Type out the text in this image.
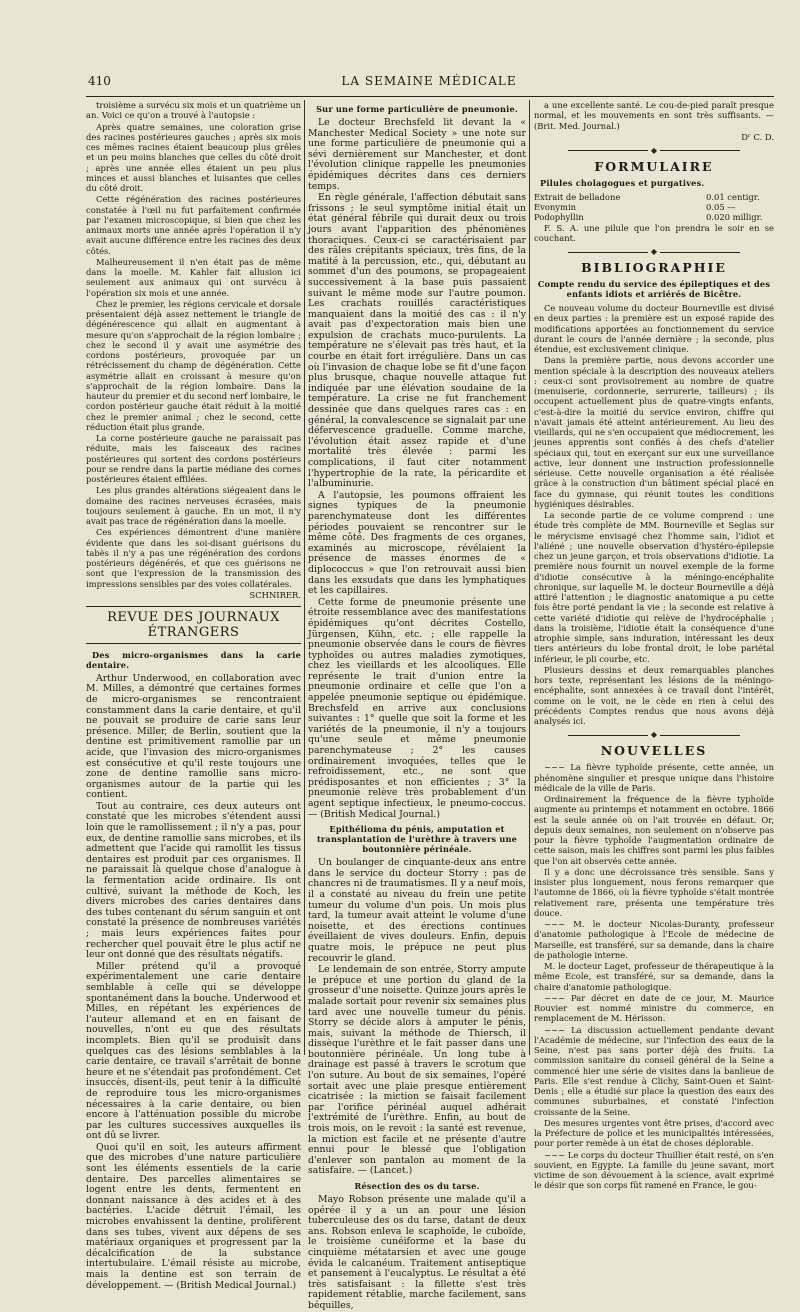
410	LA SEMAINE MÉDICALE

troisième a survécu six mois et un quatrième un an. Voici ce qu'on a trouvé à l'autopsie :

Après quatre semaines, une coloration grise des racines postérieures gauches ; après six mois ces mêmes racines étaient beaucoup plus grêles et un peu moins blanches que celles du côté droit ; après une année elles étaient un peu plus minces et aussi blanches et luisantes que celles du côté droit.

Cette régénération des racines postérieures constatée à l'œil nu fut parfaitement confirmée par l'examen microscopique, si bien que chez les animaux morts une année après l'opération il n'y avait aucune différence entre les racines des deux côtés.

Malheureusement il n'en était pas de même dans la moelle. M. Kahler fait allusion ici seulement aux animaux qui ont survécu à l'opération six mois et une année.

Chez le premier, les régions cervicale et dorsale présentaient déjà assez nettement le triangle de dégénérescence qui allait en augmentant à mesure qu'on s'approchait de la région lombaire ; chez le second il y avait une asymétrie des cordons postérieurs, provoquée par un rétrécissement du champ de dégénération. Cette asymétrie allait en croissant à mesure qu'on s'approchait de la région lombaire. Dans la hauteur du premier et du second nerf lombaire, le cordon postérieur gauche était réduit à la moitié chez le premier animal ; chez le second, cette réduction était plus grande.

La corne postérieure gauche ne paraissait pas réduite, mais les faisceaux des racines postérieures qui sortent des cordons postérieurs pour se rendre dans la partie médiane des cornes postérieures étaient effilées.

Les plus grandes altérations siégeaient dans le domaine des racines nerveuses écrasées, mais toujours seulement à gauche. En un mot, il n'y avait pas trace de régénération dans la moelle.

Ces expériences démontrent d'une manière évidente que dans les soi-disant guérisons du tabès il n'y a pas une régénération des cordons postérieurs dégénérés, et que ces guérisons ne sont que l'expression de la transmission des impressions sensibles par des voies collatérales.

SCHNIRER.
REVUE DES JOURNAUX ÉTRANGERS
Des micro-organismes dans la carie dentaire.

Arthur Underwood, en collaboration avec M. Milles, a démontré que certaines formes de micro-organismes se rencontraient constamment dans la carie dentaire, et qu'il ne pouvait se produire de carie sans leur présence. Miller, de Berlin, soutient que la dentine est primitivement ramollie par un acide, que l'invasion des micro-organismes est consécutive et qu'il reste toujours une zone de dentine ramollie sans micro-organismes autour de la partie qui les contient.

Tout au contraire, ces deux auteurs ont constaté que les microbes s'étendent aussi loin que le ramollissement ; il n'y a pas, pour eux, de dentine ramollie sans microbes, et ils admettent que l'acide qui ramollit les tissus dentaires est produit par ces organismes. Il ne paraissait là quelque chose d'analogue à la fermentation acide ordinaire. Ils ont cultivé, suivant la méthode de Koch, les divers microbes des caries dentaires dans des tubes contenant du sérum sanguin et ont constaté la présence de nombreuses variétés ; mais leurs expériences faites pour rechercher quel pouvait être le plus actif ne leur ont donné que des résultats négatifs.

Miller prétend qu'il a provoqué expérimentalement une carie dentaire semblable à celle qui se développe spontanément dans la bouche. Underwood et Milles, en répétant les expériences de l'auteur allemand et en en faisant de nouvelles, n'ont eu que des résultats incomplets. Bien qu'il se produisît dans quelques cas des lésions semblables à la carie dentaire, ce travail s'arrêtait de bonne heure et ne s'étendait pas profondément. Cet insuccès, disent-ils, peut tenir à la difficulté de reproduire tous les micro-organismes nécessaires à la carie dentaire, ou bien encore à l'atténuation possible du microbe par les cultures successives auxquelles ils ont dû se livrer.

Quoi qu'il en soit, les auteurs affirment que des microbes d'une nature particulière sont les éléments essentiels de la carie dentaire. Des parcelles alimentaires se logent entre les dents, fermentent en donnant naissance à des acides et à des bactéries. L'acide détruit l'émail, les microbes envahissent la dentine, prolifèrent dans ses tubes, vivent aux dépens de ses matériaux organiques et progressent par la décalcification de la substance intertubulaire. L'émail résiste au microbe, mais la dentine est son terrain de développement. — (British Medical Journal.)

Sur une forme particulière de pneumonie.

Le docteur Brechsfeld lit devant la « Manchester Medical Society » une note sur une forme particulière de pneumonie qui a sévi dernièrement sur Manchester, et dont l'évolution clinique rappelle les pneumonies épidémiques décrites dans ces derniers temps.

En règle générale, l'affection débutait sans frissons ; le seul symptôme initial était un état général fébrile qui durait deux ou trois jours avant l'apparition des phénomènes thoraciques. Ceux-ci se caractérisaient par des râles crépitants spéciaux, très fins, de la matité à la percussion, etc., qui, débutant au sommet d'un des poumons, se propageaient successivement à la base puis passaient suivant le même mode sur l'autre poumon. Les crachats rouillés caractéristiques manquaient dans la moitié des cas : il n'y avait pas d'expectoration mais bien une expulsion de crachats muco-purulents. La température ne s'élevait pas très haut, et la courbe en était fort irrégulière. Dans un cas où l'invasion de chaque lobe se fit d'une façon plus brusque, chaque nouvelle attaque fut indiquée par une élévation soudaine de la température. La crise ne fut franchement dessinée que dans quelques rares cas : en général, la convalescence se signalait par une défervescence graduelle. Comme marche, l'évolution était assez rapide et d'une mortalité très élevée : parmi les complications, il faut citer notamment l'hypertrophie de la rate, la péricardite et l'albuminurie.

A l'autopsie, les poumons offraient les signes typiques de la pneumonie parenchymateuse dont les différentes périodes pouvaient se rencontrer sur le même côté. Des fragments de ces organes, examinés au microscope, révélaient la présence de masses énormes de « diplococcus » que l'on retrouvait aussi bien dans les exsudats que dans les lymphatiques et les capillaires.

Cette forme de pneumonie présente une étroite ressemblance avec des manifestations épidémiques qu'ont décrites Costello, Jürgensen, Kühn, etc. ; elle rappelle la pneumonie observée dans le cours de fièvres typhoïdes ou autres maladies zymotiques, chez les vieillards et les alcooliques. Elle représente le trait d'union entre la pneumonie ordinaire et celle que l'on a appelée pneumonie septique ou épidémique. Brechsfeld en arrive aux conclusions suivantes : 1° quelle que soit la forme et les variétés de la pneumonie, il n'y a toujours qu'une seule et même pneumonie parenchymateuse ; 2° les causes ordinairement invoquées, telles que le refroidissement, etc., ne sont que prédisposantes et non efficientes ; 3° la pneumonie relève très probablement d'un agent septique infectieux, le pneumo-coccus. — (British Medical Journal.)

Epithélioma du pénis, amputation et transplantation de l'urèthre à travers une boutonnière périnéale.

Un boulanger de cinquante-deux ans entre dans le service du docteur Storry : pas de chancres ni de traumatismes. Il y a neuf mois, il a constaté au niveau du frein une petite tumeur du volume d'un pois. Un mois plus tard, la tumeur avait atteint le volume d'une noisette, et des érections continues éveillaient de vives douleurs. Enfin, depuis quatre mois, le prépuce ne peut plus recouvrir le gland.

Le lendemain de son entrée, Storry ampute le prépuce et une portion du gland de la grosseur d'une noisette. Quinze jours après le malade sortait pour revenir six semaines plus tard avec une nouvelle tumeur du pénis. Storry se décide alors à amputer le pénis, mais, suivant la méthode de Thiersch, il dissèque l'urèthre et le fait passer dans une boutonnière périnéale. Un long tube à drainage est passé à travers le scrotum que l'on suture. Au bout de six semaines, l'opéré sortait avec une plaie presque entièrement cicatrisée : la miction se faisait facilement par l'orifice périnéal auquel adhérait l'extrémité de l'urèthre. Enfin, au bout de trois mois, on le revoit : la santé est revenue, la miction est facile et ne présente d'autre ennui pour le blessé que l'obligation d'enlever son pantalon au moment de la satisfaire. — (Lancet.)

Résection des os du tarse.

Mayo Robson présente une malade qu'il a opérée il y a un an pour une lésion tuberculeuse des os du tarse, datant de deux ans. Robson enleva le scaphoïde, le cuboïde, le troisième cunéiforme et la base du cinquième métatarsien et avec une gouge évida le calcanéum. Traitement antiseptique et pansement à l'eucalyptus. Le résultat a été très satisfaisant : la fillette s'est très rapidement rétablie, marche facilement, sans béquilles,

a une excellente santé. Le cou-de-pied paraît presque normal, et les mouvements en sont très suffisants. — (Brit. Med. Journal.)

Dʳ C. D.
◆
FORMULAIRE
Pilules cholagogues et purgatives.
Extrait de belladone	0.01 centigr.
Evonymin	0.05 —
Podophyllin	0.020 milligr.

F. S. A. une pilule que l'on prendra le soir en se couchant.

◆
BIBLIOGRAPHIE
Compte rendu du service des épileptiques et des enfants idiots et arriérés de Bicêtre.

Ce nouveau volume du docteur Bourneville est divisé en deux parties : la première est un exposé rapide des modifications apportées au fonctionnement du service durant le cours de l'année dernière ; la seconde, plus étendue, est exclusivement clinique.

Dans la première partie, nous devons accorder une mention spéciale à la description des nouveaux ateliers : ceux-ci sont provisoirement au nombre de quatre (menuiserie, cordonnerie, serrurerie, tailleurs) ; ils occupent actuellement plus de quatre-vingts enfants, c'est-à-dire la moitié du service environ, chiffre qui n'avait jamais été atteint antérieurement. Au lieu des vieillards, qui ne s'en occupaient que médiocrement, les jeunes apprentis sont confiés à des chefs d'atelier spéciaux qui, tout en exerçant sur eux une surveillance active, leur donnent une instruction professionnelle sérieuse. Cette nouvelle organisation a été réalisée grâce à la construction d'un bâtiment spécial placé en face du gymnase, qui réunit toutes les conditions hygiéniques désirables.

La seconde partie de ce volume comprend : une étude très complète de MM. Bourneville et Seglas sur le mérycisme envisagé chez l'homme sain, l'idiot et l'aliéné ; une nouvelle observation d'hystéro-épilepsie chez un jeune garçon, et trois observations d'idiotie. La première nous fournit un nouvel exemple de la forme d'idiotie consécutive à la méningo-encéphalite chronique, sur laquelle M. le docteur Bourneville a déjà attiré l'attention ; le diagnostic anatomique a pu cette fois être porté pendant la vie ; la seconde est relative à cette variété d'idiotie qui relève de l'hydrocéphalie ; dans la troisième, l'idiotie était la conséquence d'une atrophie simple, sans induration, intéressant les deux tiers antérieurs du lobe frontal droit, le lobe pariétal inférieur, le pli courbe, etc.

Plusieurs dessins et deux remarquables planches hors texte, représentant les lésions de la méningo-encéphalite, sont annexées à ce travail dont l'intérêt, comme on le voit, ne le cède en rien à celui des précédents Comptes rendus que nous avons déjà analysés ici.

◆
NOUVELLES

~~~ La fièvre typhoïde présente, cette année, un phénomène singulier et presque unique dans l'histoire médicale de la ville de Paris.

Ordinairement la fréquence de la fièvre typhoïde augmente au printemps et notamment en octobre. 1866 est la seule année où on l'ait trouvée en défaut. Or, depuis deux semaines, non seulement on n'observe pas pour la fièvre typhoïde l'augmentation ordinaire de cette saison, mais les chiffres sont parmi les plus faibles que l'on ait observés cette année.

Il y a donc une décroissance très sensible. Sans y insister plus longuement, nous ferons remarquer que l'automne de 1866, où la fièvre typhoïde s'était montrée relativement rare, présenta une température très douce.

~~~ M. le docteur Nicolas-Duranty, professeur d'anatomie pathologique à l'Ecole de médecine de Marseille, est transféré, sur sa demande, dans la chaire de pathologie interne.

M. le docteur Laget, professeur de thérapeutique à la même Ecole, est transféré, sur sa demande, dans la chaire d'anatomie pathologique.

~~~ Par décret en date de ce jour, M. Maurice Rouvier est nommé ministre du commerce, en remplacement de M. Hérisson.

~~~ La discussion actuellement pendante devant l'Académie de médecine, sur l'infection des eaux de la Seine, n'est pas sans porter déjà des fruits. La commission sanitaire du conseil général de la Seine a commencé hier une série de visites dans la banlieue de Paris. Elle s'est rendue à Clichy, Saint-Ouen et Saint-Denis ; elle a étudié sur place la question des eaux des communes suburbaines, et constaté l'infection croissante de la Seine.

Des mesures urgentes vont être prises, d'accord avec la Préfecture de police et les municipalités intéressées, pour porter remède à un état de choses déplorable.

~~~ Le corps du docteur Thuillier était resté, on s'en souvient, en Egypte. La famille du jeune savant, mort victime de son dévouement à la science, avait exprimé le désir que son corps fût ramené en France, le gou-
